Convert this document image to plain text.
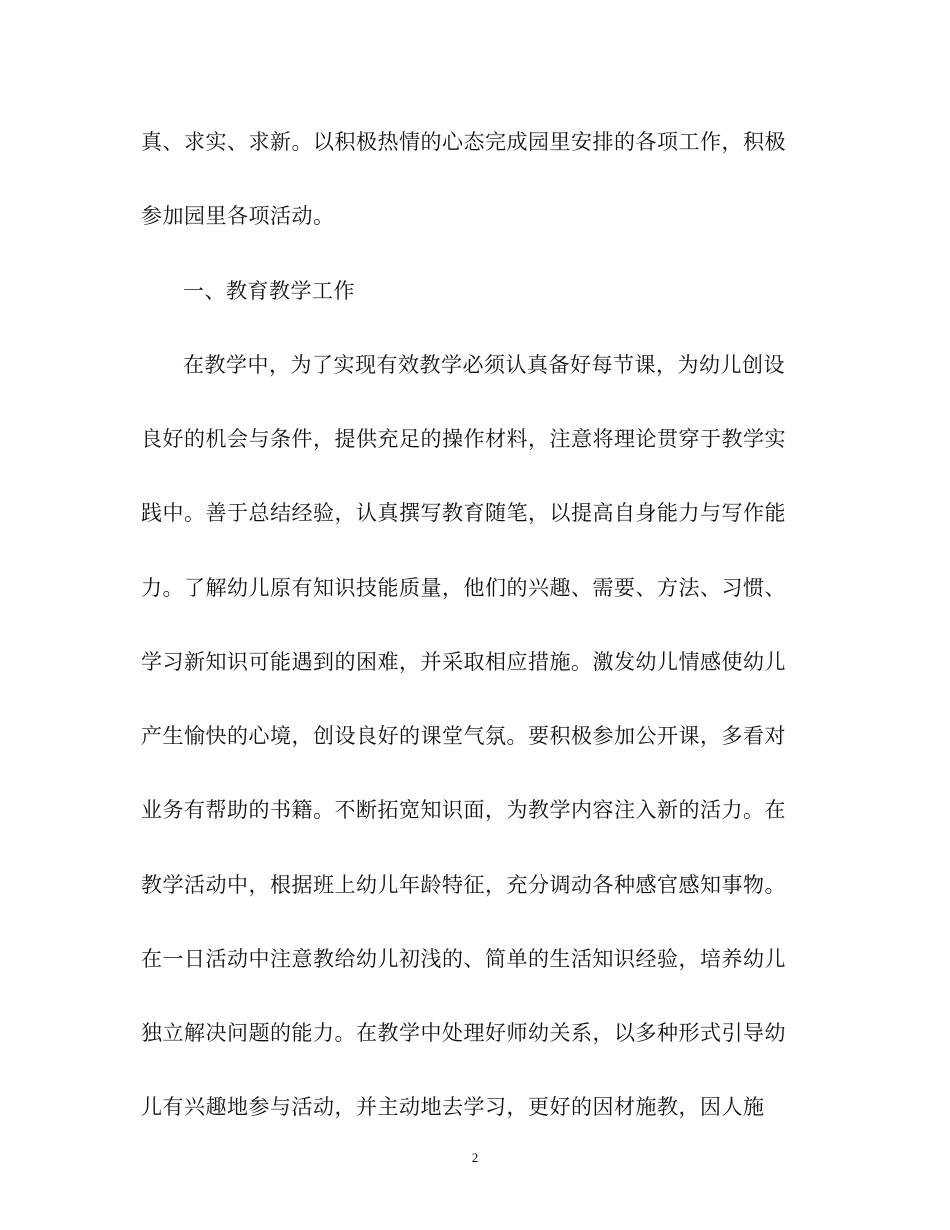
真、求实、求新。以积极热情的心态完成园里安排的各项工作，积极
参加园里各项活动。
一、教育教学工作
在教学中，为了实现有效教学必须认真备好每节课，为幼儿创设
良好的机会与条件，提供充足的操作材料，注意将理论贯穿于教学实
践中。善于总结经验，认真撰写教育随笔，以提高自身能力与写作能
力。了解幼儿原有知识技能质量，他们的兴趣、需要、方法、习惯、
学习新知识可能遇到的困难，并采取相应措施。激发幼儿情感使幼儿
产生愉快的心境，创设良好的课堂气氛。要积极参加公开课，多看对
业务有帮助的书籍。不断拓宽知识面，为教学内容注入新的活力。在
教学活动中，根据班上幼儿年龄特征，充分调动各种感官感知事物。
在一日活动中注意教给幼儿初浅的、简单的生活知识经验，培养幼儿
独立解决问题的能力。在教学中处理好师幼关系，以多种形式引导幼
儿有兴趣地参与活动，并主动地去学习，更好的因材施教，因人施
2
